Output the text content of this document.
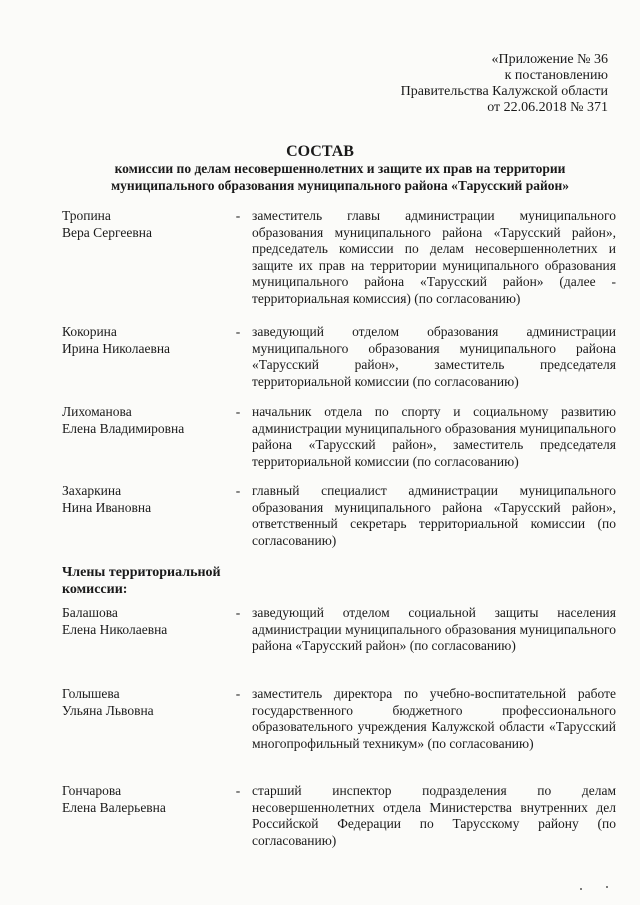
«Приложение № 36
к постановлению
Правительства Калужской области
от 22.06.2018 № 371
СОСТАВ
комиссии по делам несовершеннолетних и защите их прав на территории
муниципального образования муниципального района «Тарусский район»
Тропина
Вера Сергеевна
- заместитель главы администрации муниципального образования муниципального района «Тарусский район», председатель комиссии по делам несовершеннолетних и защите их прав на территории муниципального образования муниципального района «Тарусский район» (далее - территориальная комиссия) (по согласованию)
Кокорина
Ирина Николаевна
- заведующий отделом образования администрации муниципального образования муниципального района «Тарусский район», заместитель председателя территориальной комиссии (по согласованию)
Лихоманова
Елена Владимировна
- начальник отдела по спорту и социальному развитию администрации муниципального образования муниципального района «Тарусский район», заместитель председателя территориальной комиссии (по согласованию)
Захаркина
Нина Ивановна
- главный специалист администрации муниципального образования муниципального района «Тарусский район», ответственный секретарь территориальной комиссии (по согласованию)
Члены территориальной комиссии:
Балашова
Елена Николаевна
- заведующий отделом социальной защиты населения администрации муниципального образования муниципального района «Тарусский район» (по согласованию)
Голышева
Ульяна Львовна
- заместитель директора по учебно-воспитательной работе государственного бюджетного профессионального образовательного учреждения Калужской области «Тарусский многопрофильный техникум» (по согласованию)
Гончарова
Елена Валерьевна
- старший инспектор подразделения по делам несовершеннолетних отдела Министерства внутренних дел Российской Федерации по Тарусскому району (по согласованию)
